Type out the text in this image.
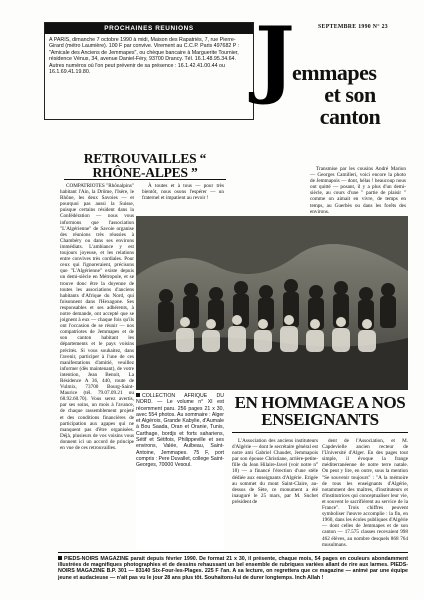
PROCHAINES REUNIONS
A PARIS, dimanche 7 octobre 1990 à midi, Maison des Rapatriés, 7, rue Pierre-Girard (métro Laumière). 100 F par convive. Virement au C.C.P. Paris 497682 P : "Amicale des Anciens de Jemmapes", ou chèque bancaire à Marguerite Tournier, résidence Vénus, 34, avenue Daniel-Féry, 93700 Drancy. Tél. 16.1.48.95.34.64. Autres numéros où l'on peut prévenir de sa présence : 16.1.42.41.00.44 ou 16.1.69.41.19.80.	J	SEPTEMBRE 1990 N° 23
emmapes
et son canton
RETROUVAILLES “ RHÔNE-ALPES ”

COMPATRIOTES "Rhônalpins" habitant l'Ain, la Drôme, l'Isère, le Rhône, les deux Savoies — et pourquoi pas aussi la Suisse, puisque certains résident dans la Confédération — nous vous informons que l'association "L'Algérienne" de Savoie organise des réunions très réussies à Chambéry ou dans ses environs immédiats. L'ambiance y est toujours joyeuse, et les relations entre convives très cordiales. Pour ceux qui l'ignoreraient, précisons que "L'Algérienne" existe depuis un demi-siècle en Métropole, et se trouve donc être la doyenne de toutes les associations d'anciens habitants d'Afrique du Nord, qui foisonnent dans l'Hexagone. Ses responsables et ses adhérents, à notre demande, ont accepté que se joignent à eux — chaque fois qu'ils ont l'occasion de se réunir — nos compatriotes de Jemmapes et de son canton habitant les départements et le pays voisins précités. Si vous souhaitez, dans l'avenir, participer à l'une de ces manifestations d'amitié, veuillez informer (dès maintenant), de votre intention, Jean Benoit, La Résidence A 36, 440, route de Vulmix, 73700 Bourg-Saint-Maurice (tél. 79.07.09.21 ou 68.92.60.70). Vous serez avertis, par ses soins, un mois à l'avance, de chaque rassemblement projeté et des conditions financières de participation aux agapes qui ne manquent pas d'être organisées. Déjà, plusieurs de vos voisins vous donnent ici un accord de principe en vue de ces retrouvailles.

À toutes et à tous — pour très bientôt, nous osons l'espérer — un fraternel et impatient au revoir !

Transmise par les cousins André Marion — Georges Camilleri, voici encore la photo de Jemmapois — dont, hélas ! beaucoup nous ont quitté — posant, il y a plus d'un demi-siècle, au cours d'une " partie de plaisir " comme on aimait en vivre, de temps en temps, au Guerbès ou dans les forêts des environs.

COLLECTION AFRIQUE DU NORD. — Le volume n° XI est récemment paru. 256 pages 21 x 30, avec 554 photos. Au sommaire : Alger et Algérois, Grande Kabylie, d'Aumale à Bou Saada, Oran et Oranie, Tunis, Carthage, bordjs et forts sahariens, Sétif et Sétifois, Philippeville et ses environs, Valée, Aulbeau, Saint-Antoine, Jemmapes. 75 F, port compris : Pere Duvallet, college Saint-Georges, 70000 Vesoul.
EN HOMMAGE A NOS ENSEIGNANTS

L'Association des anciens instituteurs d'Algérie — dont le secrétaire général est notre ami Gabriel Chaudet, Jemmapois par son épouse Christiane, arrière-petite-fille du Jean Hilaire-Javel (voir notre n° 18) — a financé l'érection d'une stèle dédiée aux enseignants d'Algérie. Erigée au sommet du mont Saint-Claire, au-dessus de Sète, ce monument a été inauguré le 25 mars, par M. Suchet président de

dent de l'Association, et M. Capdevielle ancien recteur de l'Université d'Alger. En des pages tout simple, il évoque la frange méditerranéenne de notre terre natale. On peut y lire, en outre, sous la mention "Se souvenir toujours" : "A la mémoire de tous les enseignants d'Algérie, notamment des maîtres, d'instituteurs et d'institutrices qui conceptualiser leur vie, et souvent le sacrifièrent au service de la France". Trois chiffres peuvent symboliser l'œuvre accomplie : la fin, en 1960, dans les écoles publiques d'Algérie — dont celles de Jemmapes et de son canton — 17.575 classes recevaient 998 462 élèves, au nombre desquels 868 764 musulmans.

PIEDS-NOIRS MAGAZINE parait depuis février 1990. De format 21 x 30, il présente, chaque mois, 54 pages en couleurs abondamment illustrées de magnifiques photographies et de dessins rehaussant un bel ensemble de rubriques variées allant de rire aux larmes. PIEDS-NOIRS MAGAZINE B.P. 301 — 83140 Six-Four-les-Plages. 225 F l'an. A sa lecture, on regrettera que ce magazine — animé par une équipe jeune et audacieuse — n'ait pas vu le jour 28 ans plus tôt. Souhaitons-lui de durer longtemps. Inch Allah !
